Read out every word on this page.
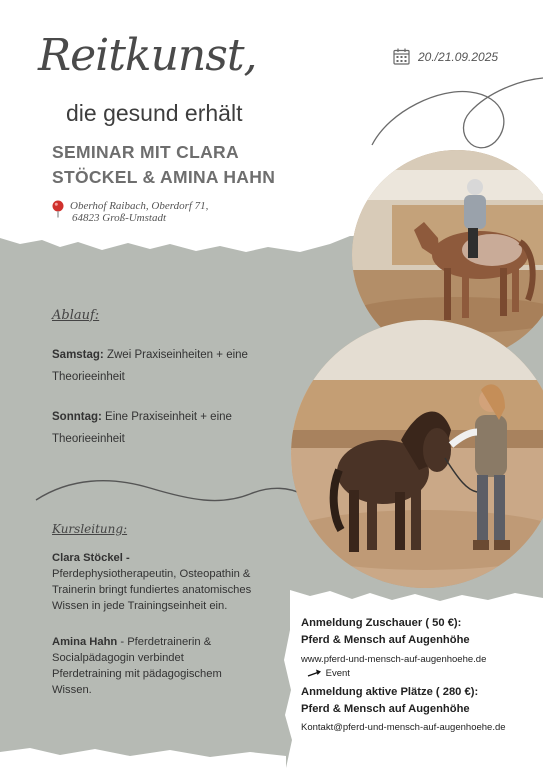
Reitkunst,
die gesund erhält
SEMINAR MIT CLARA
STÖCKEL & AMINA HAHN
Oberhof Raibach, Oberdorf 71,
64823 Groß-Umstadt
20./21.09.2025
Ablauf:
Samstag: Zwei Praxiseinheiten + eine
Theorieeinheit
Sonntag: Eine Praxiseinheit + eine
Theorieeinheit
Kursleitung:
Clara Stöckel -
Pferdephysiotherapeutin, Osteopathin &
Trainerin bringt fundiertes anatomisches
Wissen in jede Trainingseinheit ein.
Amina Hahn - Pferdetrainerin &
Socialpädagogin verbindet
Pferdetraining mit pädagogischem
Wissen.
Anmeldung Zuschauer ( 50 €):
Pferd & Mensch auf Augenhöhe
www.pferd-und-mensch-auf-augenhoehe.de
Event
Anmeldung aktive Plätze ( 280 €):
Pferd & Mensch auf Augenhöhe
Kontakt@pferd-und-mensch-auf-augenhoehe.de
